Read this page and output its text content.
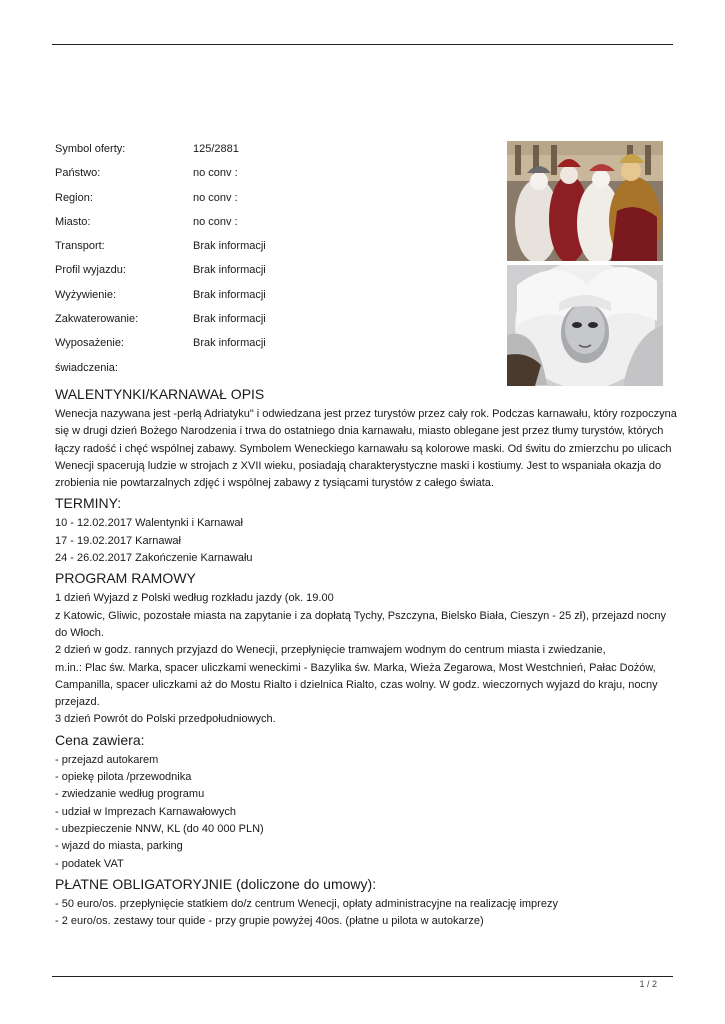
Symbol oferty:	125/2881
Państwo:	no conv :
Region:	no conv :
Miasto:	no conv :
Transport:	Brak informacji
Profil wyjazdu:	Brak informacji
Wyżywienie:	Brak informacji
Zakwaterowanie:	Brak informacji
Wyposażenie:	Brak informacji
świadczenia:
WALENTYNKI/KARNAWAŁ OPIS

Wenecja nazywana jest -perłą Adriatyku" i odwiedzana jest przez turystów przez cały rok. Podczas karnawału, który rozpoczyna

się w drugi dzień Bożego Narodzenia i trwa do ostatniego dnia karnawału, miasto oblegane jest przez tłumy turystów, których

łączy radość i chęć wspólnej zabawy. Symbolem Weneckiego karnawału są kolorowe maski. Od świtu do zmierzchu po ulicach

Wenecji spacerują ludzie w strojach z XVII wieku, posiadają charakterystyczne maski i kostiumy. Jest to wspaniała okazja do

zrobienia nie powtarzalnych zdjęć i wspólnej zabawy z tysiącami turystów z całego świata.

TERMINY:

10 - 12.02.2017 Walentynki i Karnawał

17 - 19.02.2017 Karnawał

24 - 26.02.2017 Zakończenie Karnawału

PROGRAM RAMOWY

1 dzień Wyjazd z Polski według rozkładu jazdy (ok. 19.00

z Katowic, Gliwic, pozostałe miasta na zapytanie i za dopłatą Tychy, Pszczyna, Bielsko Biała, Cieszyn - 25 zł), przejazd nocny

do Włoch.

2 dzień w godz. rannych przyjazd do Wenecji, przepłynięcie tramwajem wodnym do centrum miasta i zwiedzanie,

m.in.: Plac św. Marka, spacer uliczkami weneckimi - Bazylika św. Marka, Wieża Zegarowa, Most Westchnień, Pałac Dożów,

Campanilla, spacer uliczkami aż do Mostu Rialto i dzielnica Rialto, czas wolny. W godz. wieczornych wyjazd do kraju, nocny

przejazd.

3 dzień Powrót do Polski przedpołudniowych.

Cena zawiera:

- przejazd autokarem

- opiekę pilota /przewodnika

- zwiedzanie według programu

- udział w Imprezach Karnawałowych

- ubezpieczenie NNW, KL (do 40 000 PLN)

- wjazd do miasta, parking

- podatek VAT

PŁATNE OBLIGATORYJNIE (doliczone do umowy):

- 50 euro/os. przepłynięcie statkiem do/z centrum Wenecji, opłaty administracyjne na realizację imprezy

- 2 euro/os. zestawy tour quide - przy grupie powyżej 40os. (płatne u pilota w autokarze)

1 / 2
